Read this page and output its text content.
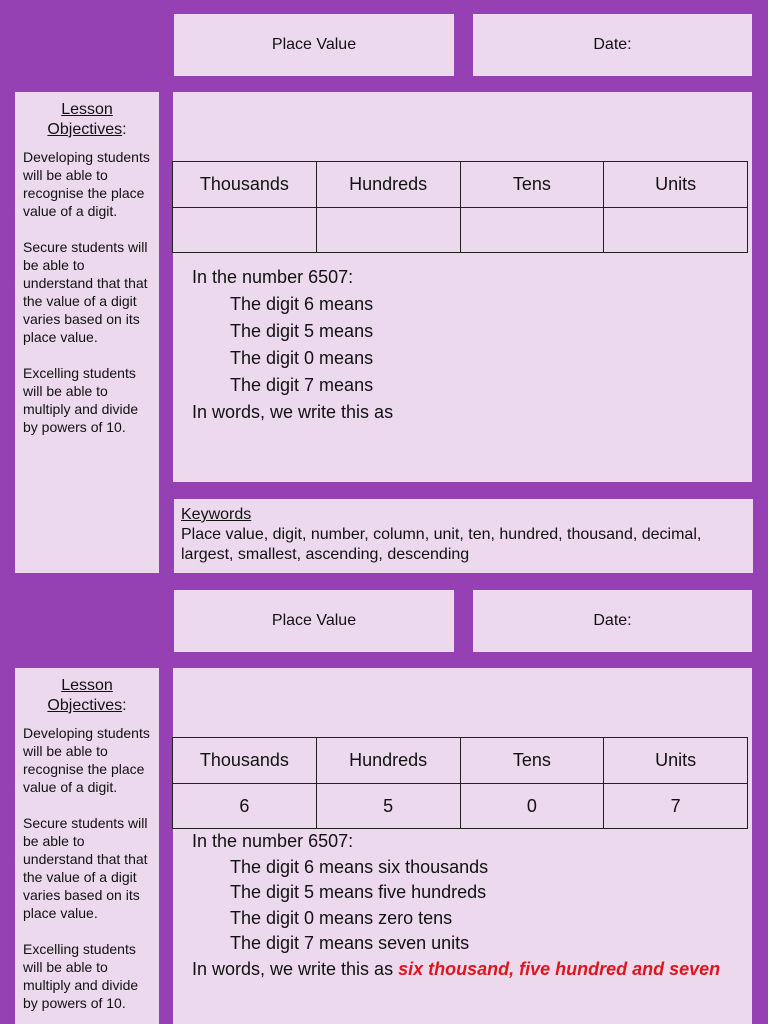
Place Value	Date:
Lesson Objectives:

Developing students will be able to recognise the place value of a digit.

Secure students will be able to understand that that the value of a digit varies based on its place value.

Excelling students will be able to multiply and divide by powers of 10.

Thousands	Hundreds	Tens	Units

In the number 6507:
The digit 6 means
The digit 5 means
The digit 0 means
The digit 7 means
In words, we write this as
Keywords
Place value, digit, number, column, unit, ten, hundred, thousand, decimal, largest, smallest, ascending, descending
Place Value	Date:
Lesson Objectives:

Developing students will be able to recognise the place value of a digit.

Secure students will be able to understand that that the value of a digit varies based on its place value.

Excelling students will be able to multiply and divide by powers of 10.

Thousands	Hundreds	Tens	Units
6	5	0	7
In the number 6507:
The digit 6 means six thousands
The digit 5 means five hundreds
The digit 0 means zero tens
The digit 7 means seven units
In words, we write this as six thousand, five hundred and seven
